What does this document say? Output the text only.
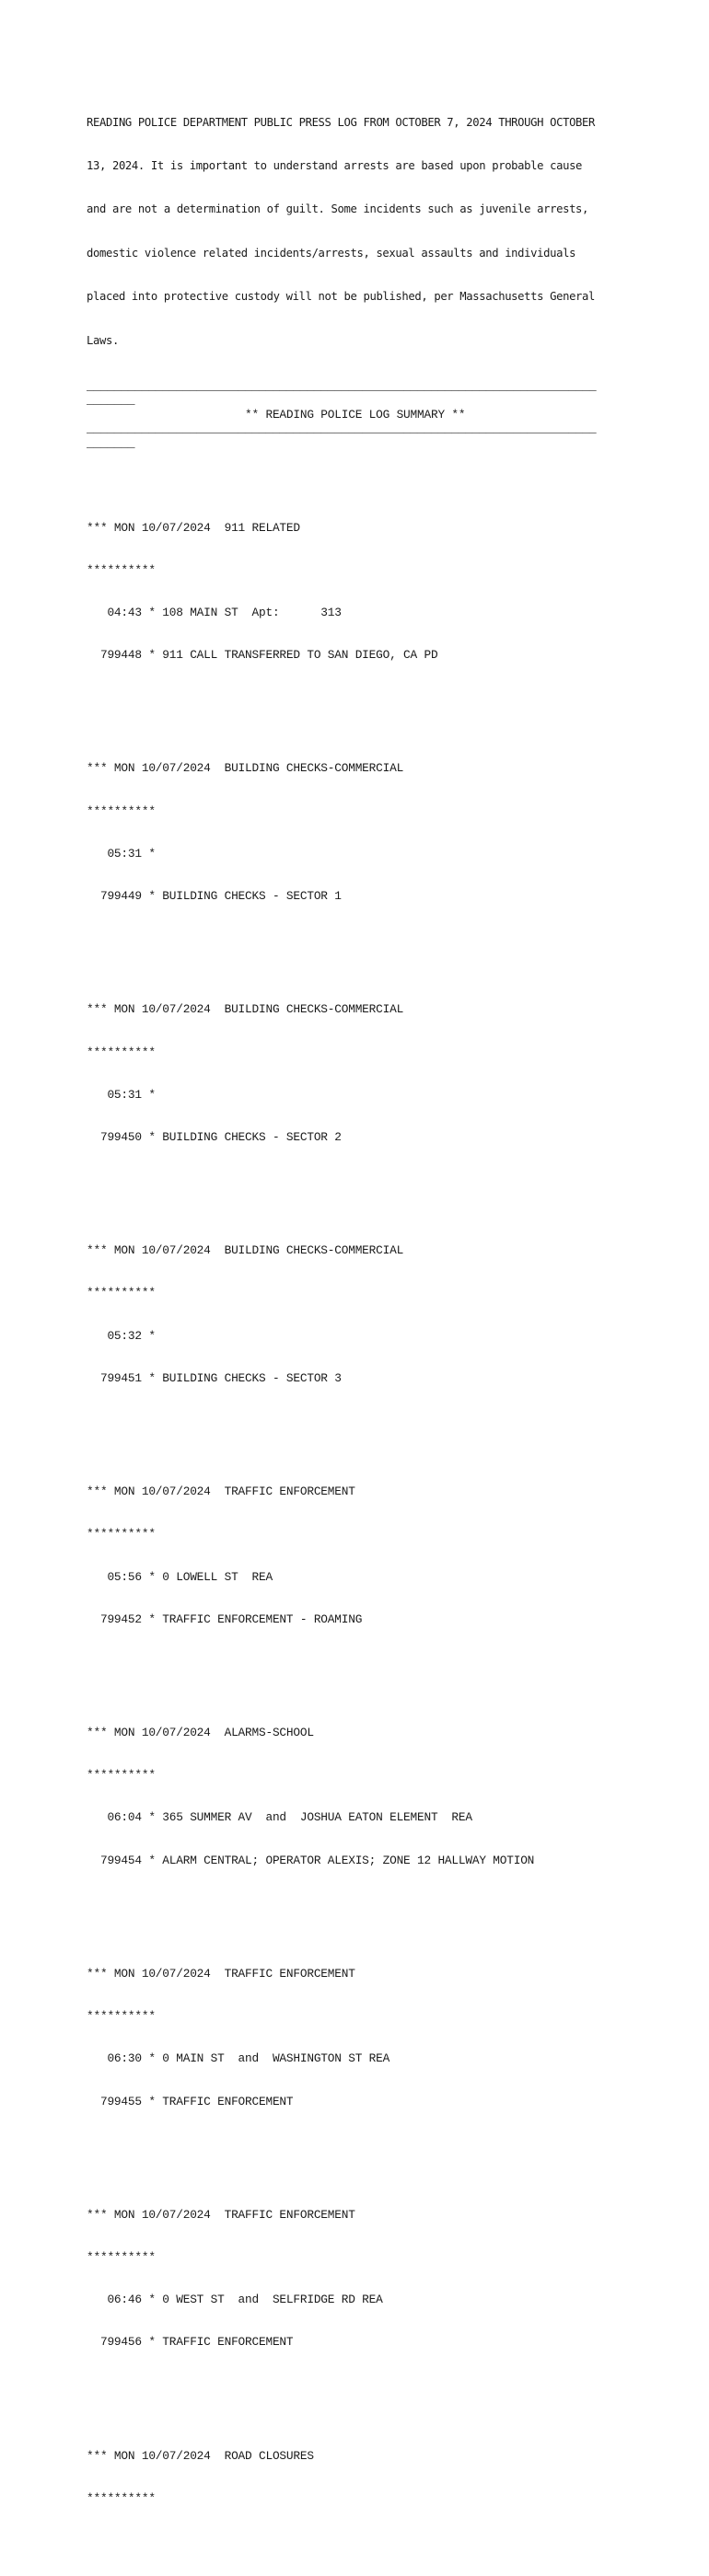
READING POLICE DEPARTMENT PUBLIC PRESS LOG FROM OCTOBER 7, 2024 THROUGH OCTOBER

13, 2024. It is important to understand arrests are based upon probable cause

and are not a determination of guilt. Some incidents such as juvenile arrests,

domestic violence related incidents/arrests, sexual assaults and individuals

placed into protective custody will not be published, per Massachusetts General

Laws.

__________________________________________________________________________
_______
** READING POLICE LOG SUMMARY **
__________________________________________________________________________
_______

*** MON 10/07/2024  911 RELATED

**********

04:43 * 108 MAIN ST  Apt:      313

799448 * 911 CALL TRANSFERRED TO SAN DIEGO, CA PD

*** MON 10/07/2024  BUILDING CHECKS-COMMERCIAL

**********

05:31 *

799449 * BUILDING CHECKS - SECTOR 1

*** MON 10/07/2024  BUILDING CHECKS-COMMERCIAL

**********

05:31 *

799450 * BUILDING CHECKS - SECTOR 2

*** MON 10/07/2024  BUILDING CHECKS-COMMERCIAL

**********

05:32 *

799451 * BUILDING CHECKS - SECTOR 3

*** MON 10/07/2024  TRAFFIC ENFORCEMENT

**********

05:56 * 0 LOWELL ST  REA

799452 * TRAFFIC ENFORCEMENT - ROAMING

*** MON 10/07/2024  ALARMS-SCHOOL

**********

06:04 * 365 SUMMER AV  and  JOSHUA EATON ELEMENT  REA

799454 * ALARM CENTRAL; OPERATOR ALEXIS; ZONE 12 HALLWAY MOTION

*** MON 10/07/2024  TRAFFIC ENFORCEMENT

**********

06:30 * 0 MAIN ST  and  WASHINGTON ST REA

799455 * TRAFFIC ENFORCEMENT

*** MON 10/07/2024  TRAFFIC ENFORCEMENT

**********

06:46 * 0 WEST ST  and  SELFRIDGE RD REA

799456 * TRAFFIC ENFORCEMENT

*** MON 10/07/2024  ROAD CLOSURES

**********
